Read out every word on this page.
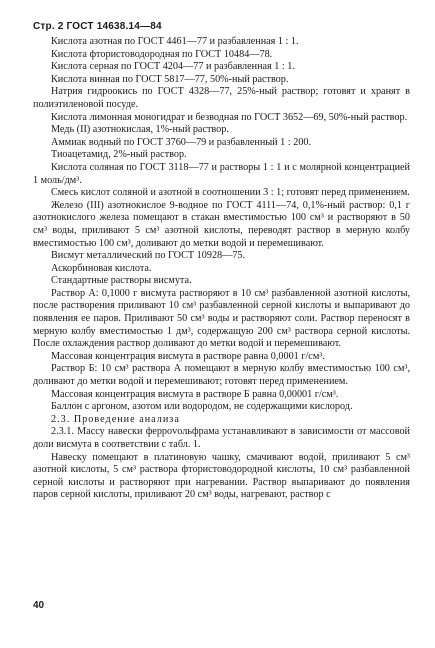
Стр. 2 ГОСТ 14638.14—84

Кислота азотная по ГОСТ 4461—77 и разбавленная 1 : 1.

Кислота фтористоводородная по ГОСТ 10484—78.

Кислота серная по ГОСТ 4204—77 и разбавленная 1 : 1.

Кислота винная по ГОСТ 5817—77, 50%-ный раствор.

Натрия гидроокись по ГОСТ 4328—77, 25%-ный раствор; готовят и хранят в полиэтиленовой посуде.

Кислота лимонная моногидрат и безводная по ГОСТ 3652—69, 50%-ный раствор.

Медь (II) азотнокислая, 1%-ный раствор.

Аммиак водный по ГОСТ 3760—79 и разбавленный 1 : 200.

Тиоацетамид, 2%-ный раствор.

Кислота соляная по ГОСТ 3118—77 и растворы 1 : 1 и с молярной концентрацией 1 моль/дм³.

Смесь кислот соляной и азотной в соотношении 3 : 1; готовят перед применением.

Железо (III) азотнокислое 9-водное по ГОСТ 4111—74, 0,1%-ный раствор: 0,1 г азотнокислого железа помещают в стакан вместимостью 100 см³ и растворяют в 50 см³ воды, приливают 5 см³ азотной кислоты, переводят раствор в мерную колбу вместимостью 100 см³, доливают до метки водой и перемешивают.

Висмут металлический по ГОСТ 10928—75.

Аскорбиновая кислота.

Стандартные растворы висмута.

Раствор А: 0,1000 г висмута растворяют в 10 см³ разбавленной азотной кислоты, после растворения приливают 10 см³ разбавленной серной кислоты и выпаривают до появления ее паров. Приливают 50 см³ воды и растворяют соли. Раствор переносят в мерную колбу вместимостью 1 дм³, содержащую 200 см³ раствора серной кислоты. После охлаждения раствор доливают до метки водой и перемешивают.

Массовая концентрация висмута в растворе равна 0,0001 г/см³.

Раствор Б: 10 см³ раствора А помещают в мерную колбу вместимостью 100 см³, доливают до метки водой и перемешивают; готовят перед применением.

Массовая концентрация висмута в растворе Б равна 0,00001 г/см³.

Баллон с аргоном, азотом или водородом, не содержащими кислород.

2.3. Проведение анализа

2.3.1. Массу навески феррovoльфрама устанавливают в зависимости от массовой доли висмута в соответствии с табл. 1.

Навеску помещают в платиновую чашку, смачивают водой, приливают 5 см³ азотной кислоты, 5 см³ раствора фтористоводородной кислоты, 10 см³ разбавленной серной кислоты и растворяют при нагревании. Раствор выпаривают до появления паров серной кислоты, приливают 20 см³ воды, нагревают, раствор с

40
